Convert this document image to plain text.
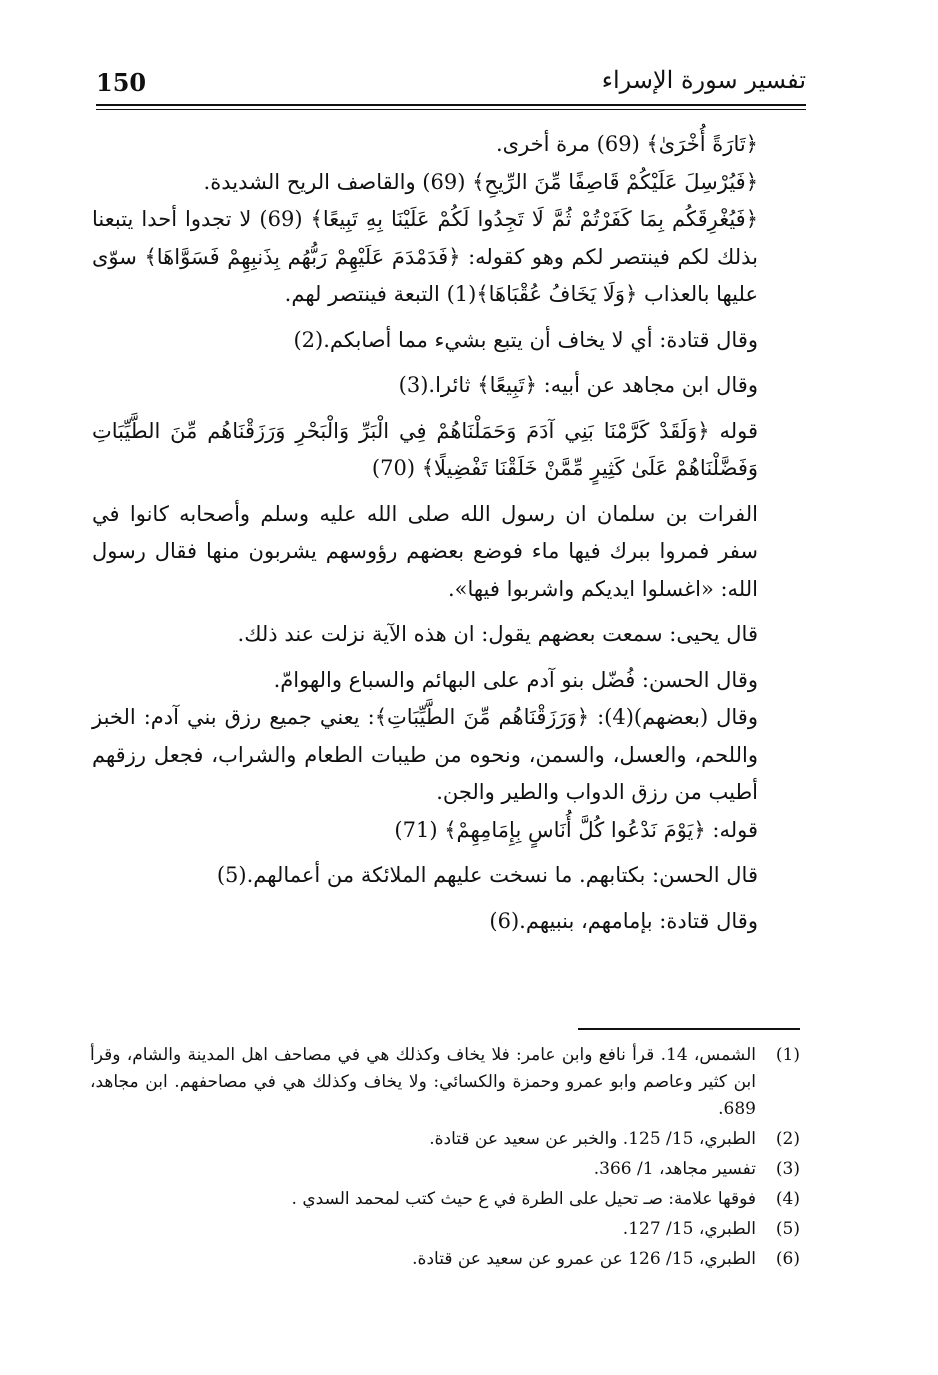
150	تفسير سورة الإسراء

﴿تَارَةً أُخْرَىٰ﴾ (69) مرة أخرى.

﴿فَيُرْسِلَ عَلَيْكُمْ قَاصِفًا مِّنَ الرِّيحِ﴾ (69) والقاصف الريح الشديدة.

﴿فَيُغْرِقَكُم بِمَا كَفَرْتُمْ ثُمَّ لَا تَجِدُوا لَكُمْ عَلَيْنَا بِهِ تَبِيعًا﴾ (69) لا تجدوا أحدا يتبعنا بذلك لكم فينتصر لكم وهو كقوله: ﴿فَدَمْدَمَ عَلَيْهِمْ رَبُّهُم بِذَنبِهِمْ فَسَوَّاهَا﴾ سوّى عليها بالعذاب ﴿وَلَا يَخَافُ عُقْبَاهَا﴾(1) التبعة فينتصر لهم.

وقال قتادة: أي لا يخاف أن يتبع بشيء مما أصابكم.(2)

وقال ابن مجاهد عن أبيه: ﴿تَبِيعًا﴾ ثائرا.(3)

قوله ﴿وَلَقَدْ كَرَّمْنَا بَنِي آدَمَ وَحَمَلْنَاهُمْ فِي الْبَرِّ وَالْبَحْرِ وَرَزَقْنَاهُم مِّنَ الطَّيِّبَاتِ وَفَضَّلْنَاهُمْ عَلَىٰ كَثِيرٍ مِّمَّنْ خَلَقْنَا تَفْضِيلًا﴾ (70)

الفرات بن سلمان ان رسول الله صلى الله عليه وسلم وأصحابه كانوا في سفر فمروا ببرك فيها ماء فوضع بعضهم رؤوسهم يشربون منها فقال رسول الله: «اغسلوا ايديكم واشربوا فيها».

قال يحيى: سمعت بعضهم يقول: ان هذه الآية نزلت عند ذلك.

وقال الحسن: فُضّل بنو آدم على البهائم والسباع والهوامّ.

وقال (بعضهم)(4): ﴿وَرَزَقْنَاهُم مِّنَ الطَّيِّبَاتِ﴾: يعني جميع رزق بني آدم: الخبز واللحم، والعسل، والسمن، ونحوه من طيبات الطعام والشراب، فجعل رزقهم أطيب من رزق الدواب والطير والجن.

قوله: ﴿يَوْمَ نَدْعُوا كُلَّ أُنَاسٍ بِإِمَامِهِمْ﴾ (71)

قال الحسن: بكتابهم. ما نسخت عليهم الملائكة من أعمالهم.(5)

وقال قتادة: بإمامهم، بنبيهم.(6)

(1)
الشمس، 14. قرأ نافع وابن عامر: فلا يخاف وكذلك هي في مصاحف اهل المدينة والشام، وقرأ ابن كثير وعاصم وابو عمرو وحمزة والكسائي: ولا يخاف وكذلك هي في مصاحفهم. ابن مجاهد، 689.
(2)
الطبري، 15/ 125. والخبر عن سعيد عن قتادة.
(3)
تفسير مجاهد، 1/ 366.
(4)
فوقها علامة: صـ تحيل على الطرة في ع حيث كتب لمحمد السدي .
(5)
الطبري، 15/ 127.
(6)
الطبري، 15/ 126 عن عمرو عن سعيد عن قتادة.
